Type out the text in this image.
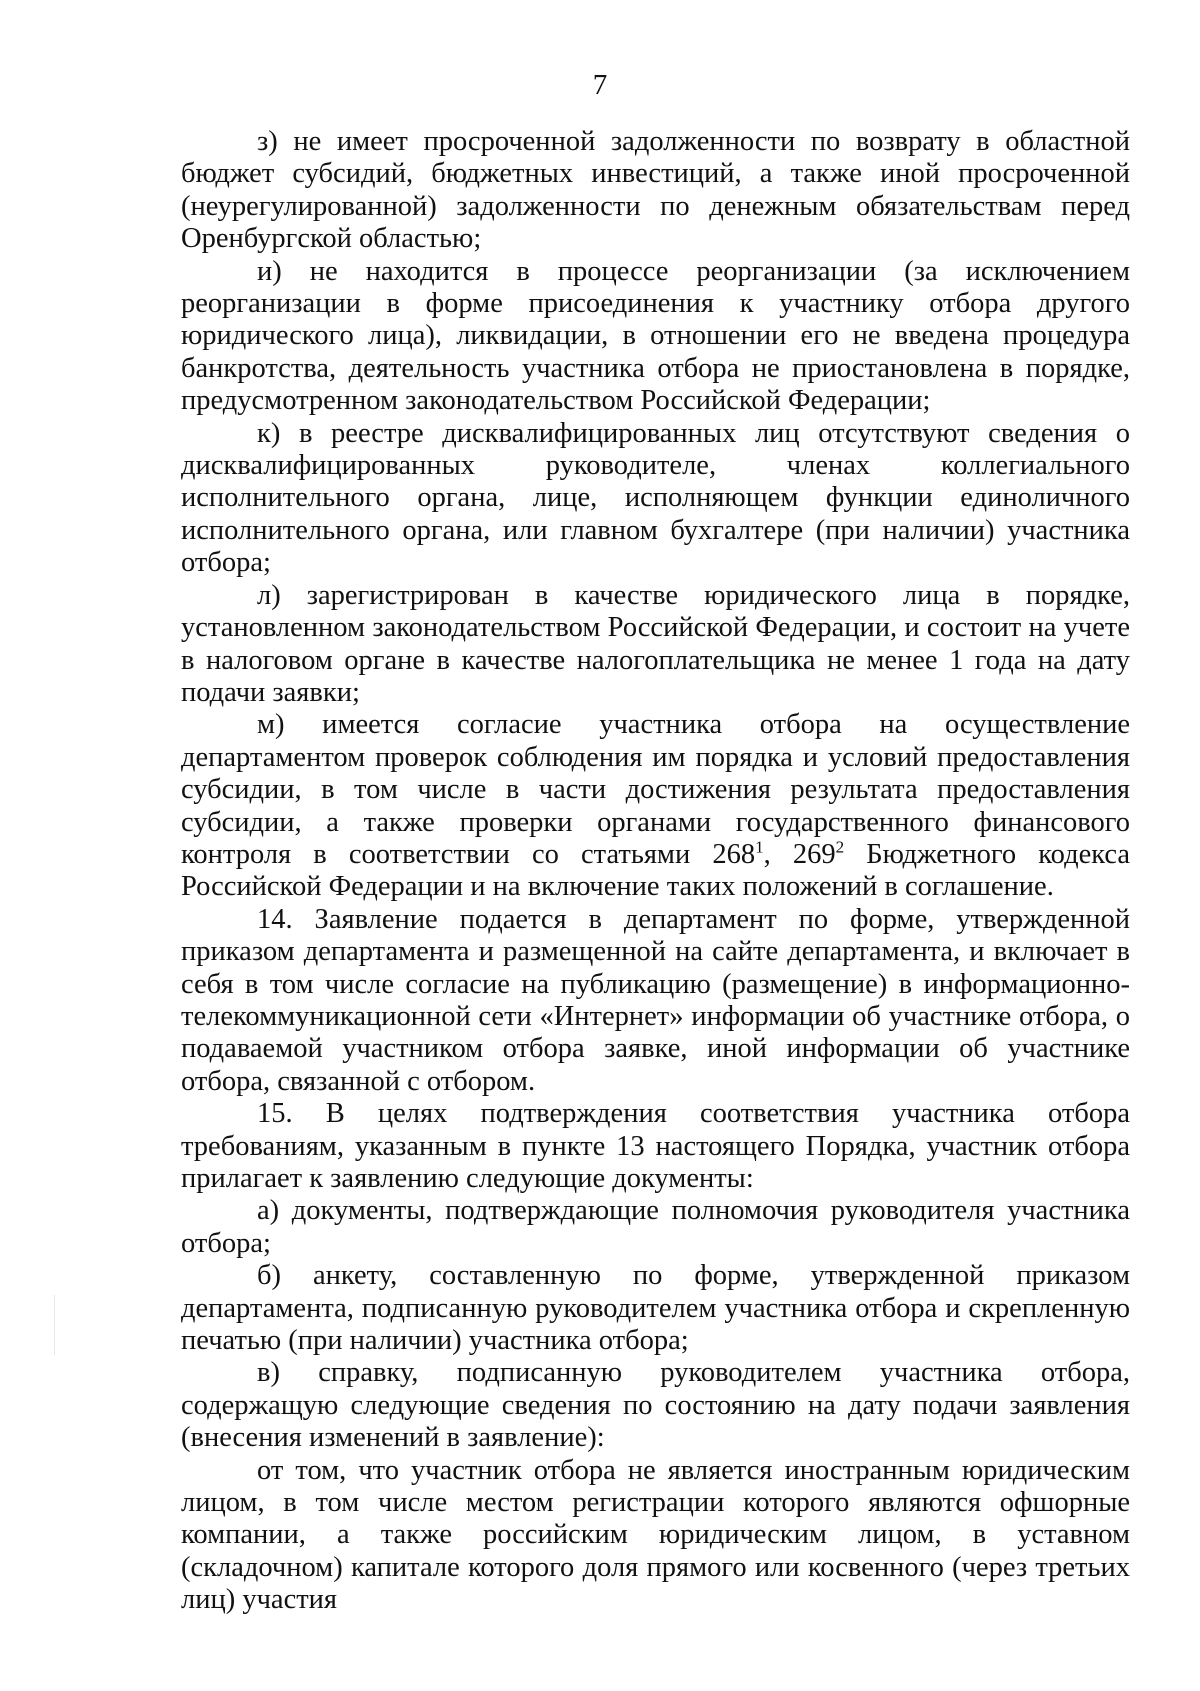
7

з) не имеет просроченной задолженности по возврату в областной бюджет субсидий, бюджетных инвестиций, а также иной просроченной (неурегулированной) задолженности по денежным обязательствам перед Оренбургской областью;

и) не находится в процессе реорганизации (за исключением реорганизации в форме присоединения к участнику отбора другого юридического лица), ликвидации, в отношении его не введена процедура банкротства, деятельность участника отбора не приостановлена в порядке, предусмотренном законодательством Российской Федерации;

к) в реестре дисквалифицированных лиц отсутствуют сведения о дисквалифицированных руководителе, членах коллегиального исполнительного органа, лице, исполняющем функции единоличного исполнительного органа, или главном бухгалтере (при наличии) участника отбора;

л) зарегистрирован в качестве юридического лица в порядке, установленном законодательством Российской Федерации, и состоит на учете в налоговом органе в качестве налогоплательщика не менее 1 года на дату подачи заявки;

м) имеется согласие участника отбора на осуществление департаментом проверок соблюдения им порядка и условий предоставления субсидии, в том числе в части достижения результата предоставления субсидии, а также проверки органами государственного финансового контроля в соответствии со статьями $268^1$, $269^2$ Бюджетного кодекса Российской Федерации и на включение таких положений в соглашение.

14. Заявление подается в департамент по форме, утвержденной приказом департамента и размещенной на сайте департамента, и включает в себя в том числе согласие на публикацию (размещение) в информационно-телекоммуникационной сети «Интернет» информации об участнике отбора, о подаваемой участником отбора заявке, иной информации об участнике отбора, связанной с отбором.

15. В целях подтверждения соответствия участника отбора требованиям, указанным в пункте 13 настоящего Порядка, участник отбора прилагает к заявлению следующие документы:

а) документы, подтверждающие полномочия руководителя участника отбора;

б) анкету, составленную по форме, утвержденной приказом департамента, подписанную руководителем участника отбора и скрепленную печатью (при наличии) участника отбора;

в) справку, подписанную руководителем участника отбора, содержащую следующие сведения по состоянию на дату подачи заявления (внесения изменений в заявление):

от том, что участник отбора не является иностранным юридическим лицом, в том числе местом регистрации которого являются офшорные компании, а также российским юридическим лицом, в уставном (складочном) капитале которого доля прямого или косвенного (через третьих лиц) участия
